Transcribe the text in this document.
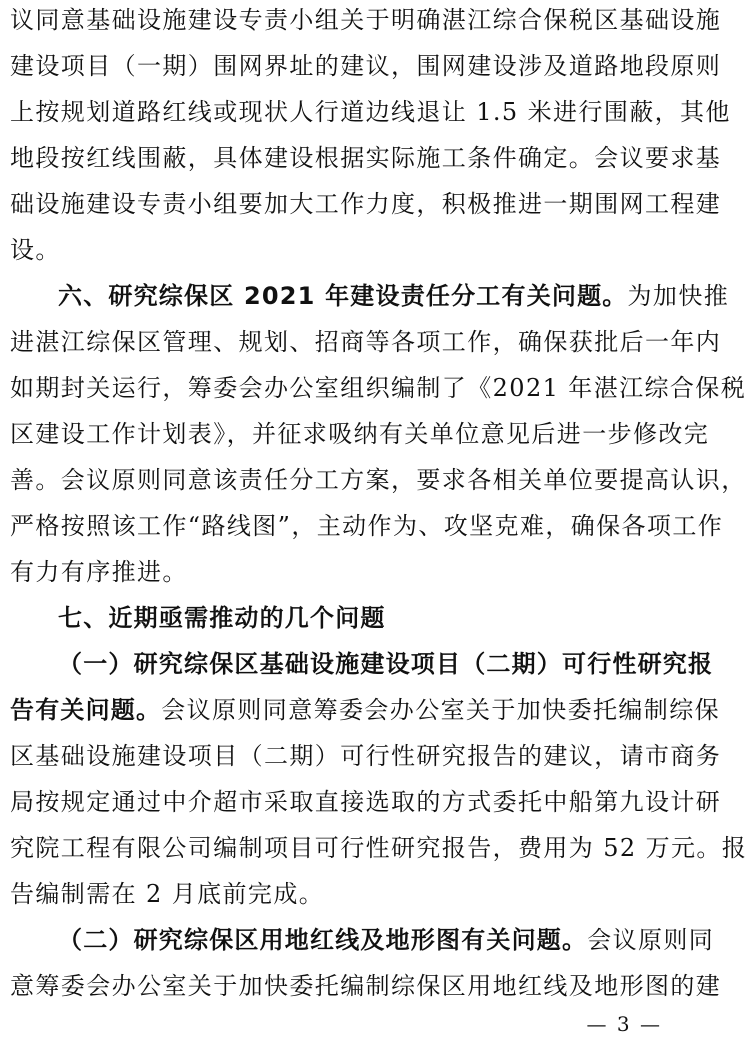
议同意基础设施建设专责小组关于明确湛江综合保税区基础设施
建设项目（一期）围网界址的建议，围网建设涉及道路地段原则
上按规划道路红线或现状人行道边线退让 1.5 米进行围蔽，其他
地段按红线围蔽，具体建设根据实际施工条件确定。会议要求基
础设施建设专责小组要加大工作力度，积极推进一期围网工程建
设。
六、研究综保区 2021 年建设责任分工有关问题。为加快推
进湛江综保区管理、规划、招商等各项工作，确保获批后一年内
如期封关运行，筹委会办公室组织编制了《2021 年湛江综合保税
区建设工作计划表》，并征求吸纳有关单位意见后进一步修改完
善。会议原则同意该责任分工方案，要求各相关单位要提高认识，
严格按照该工作“路线图”，主动作为、攻坚克难，确保各项工作
有力有序推进。
七、近期亟需推动的几个问题
（一）研究综保区基础设施建设项目（二期）可行性研究报
告有关问题。会议原则同意筹委会办公室关于加快委托编制综保
区基础设施建设项目（二期）可行性研究报告的建议，请市商务
局按规定通过中介超市采取直接选取的方式委托中船第九设计研
究院工程有限公司编制项目可行性研究报告，费用为 52 万元。报
告编制需在 2 月底前完成。
（二）研究综保区用地红线及地形图有关问题。会议原则同
意筹委会办公室关于加快委托编制综保区用地红线及地形图的建
— 3 —
